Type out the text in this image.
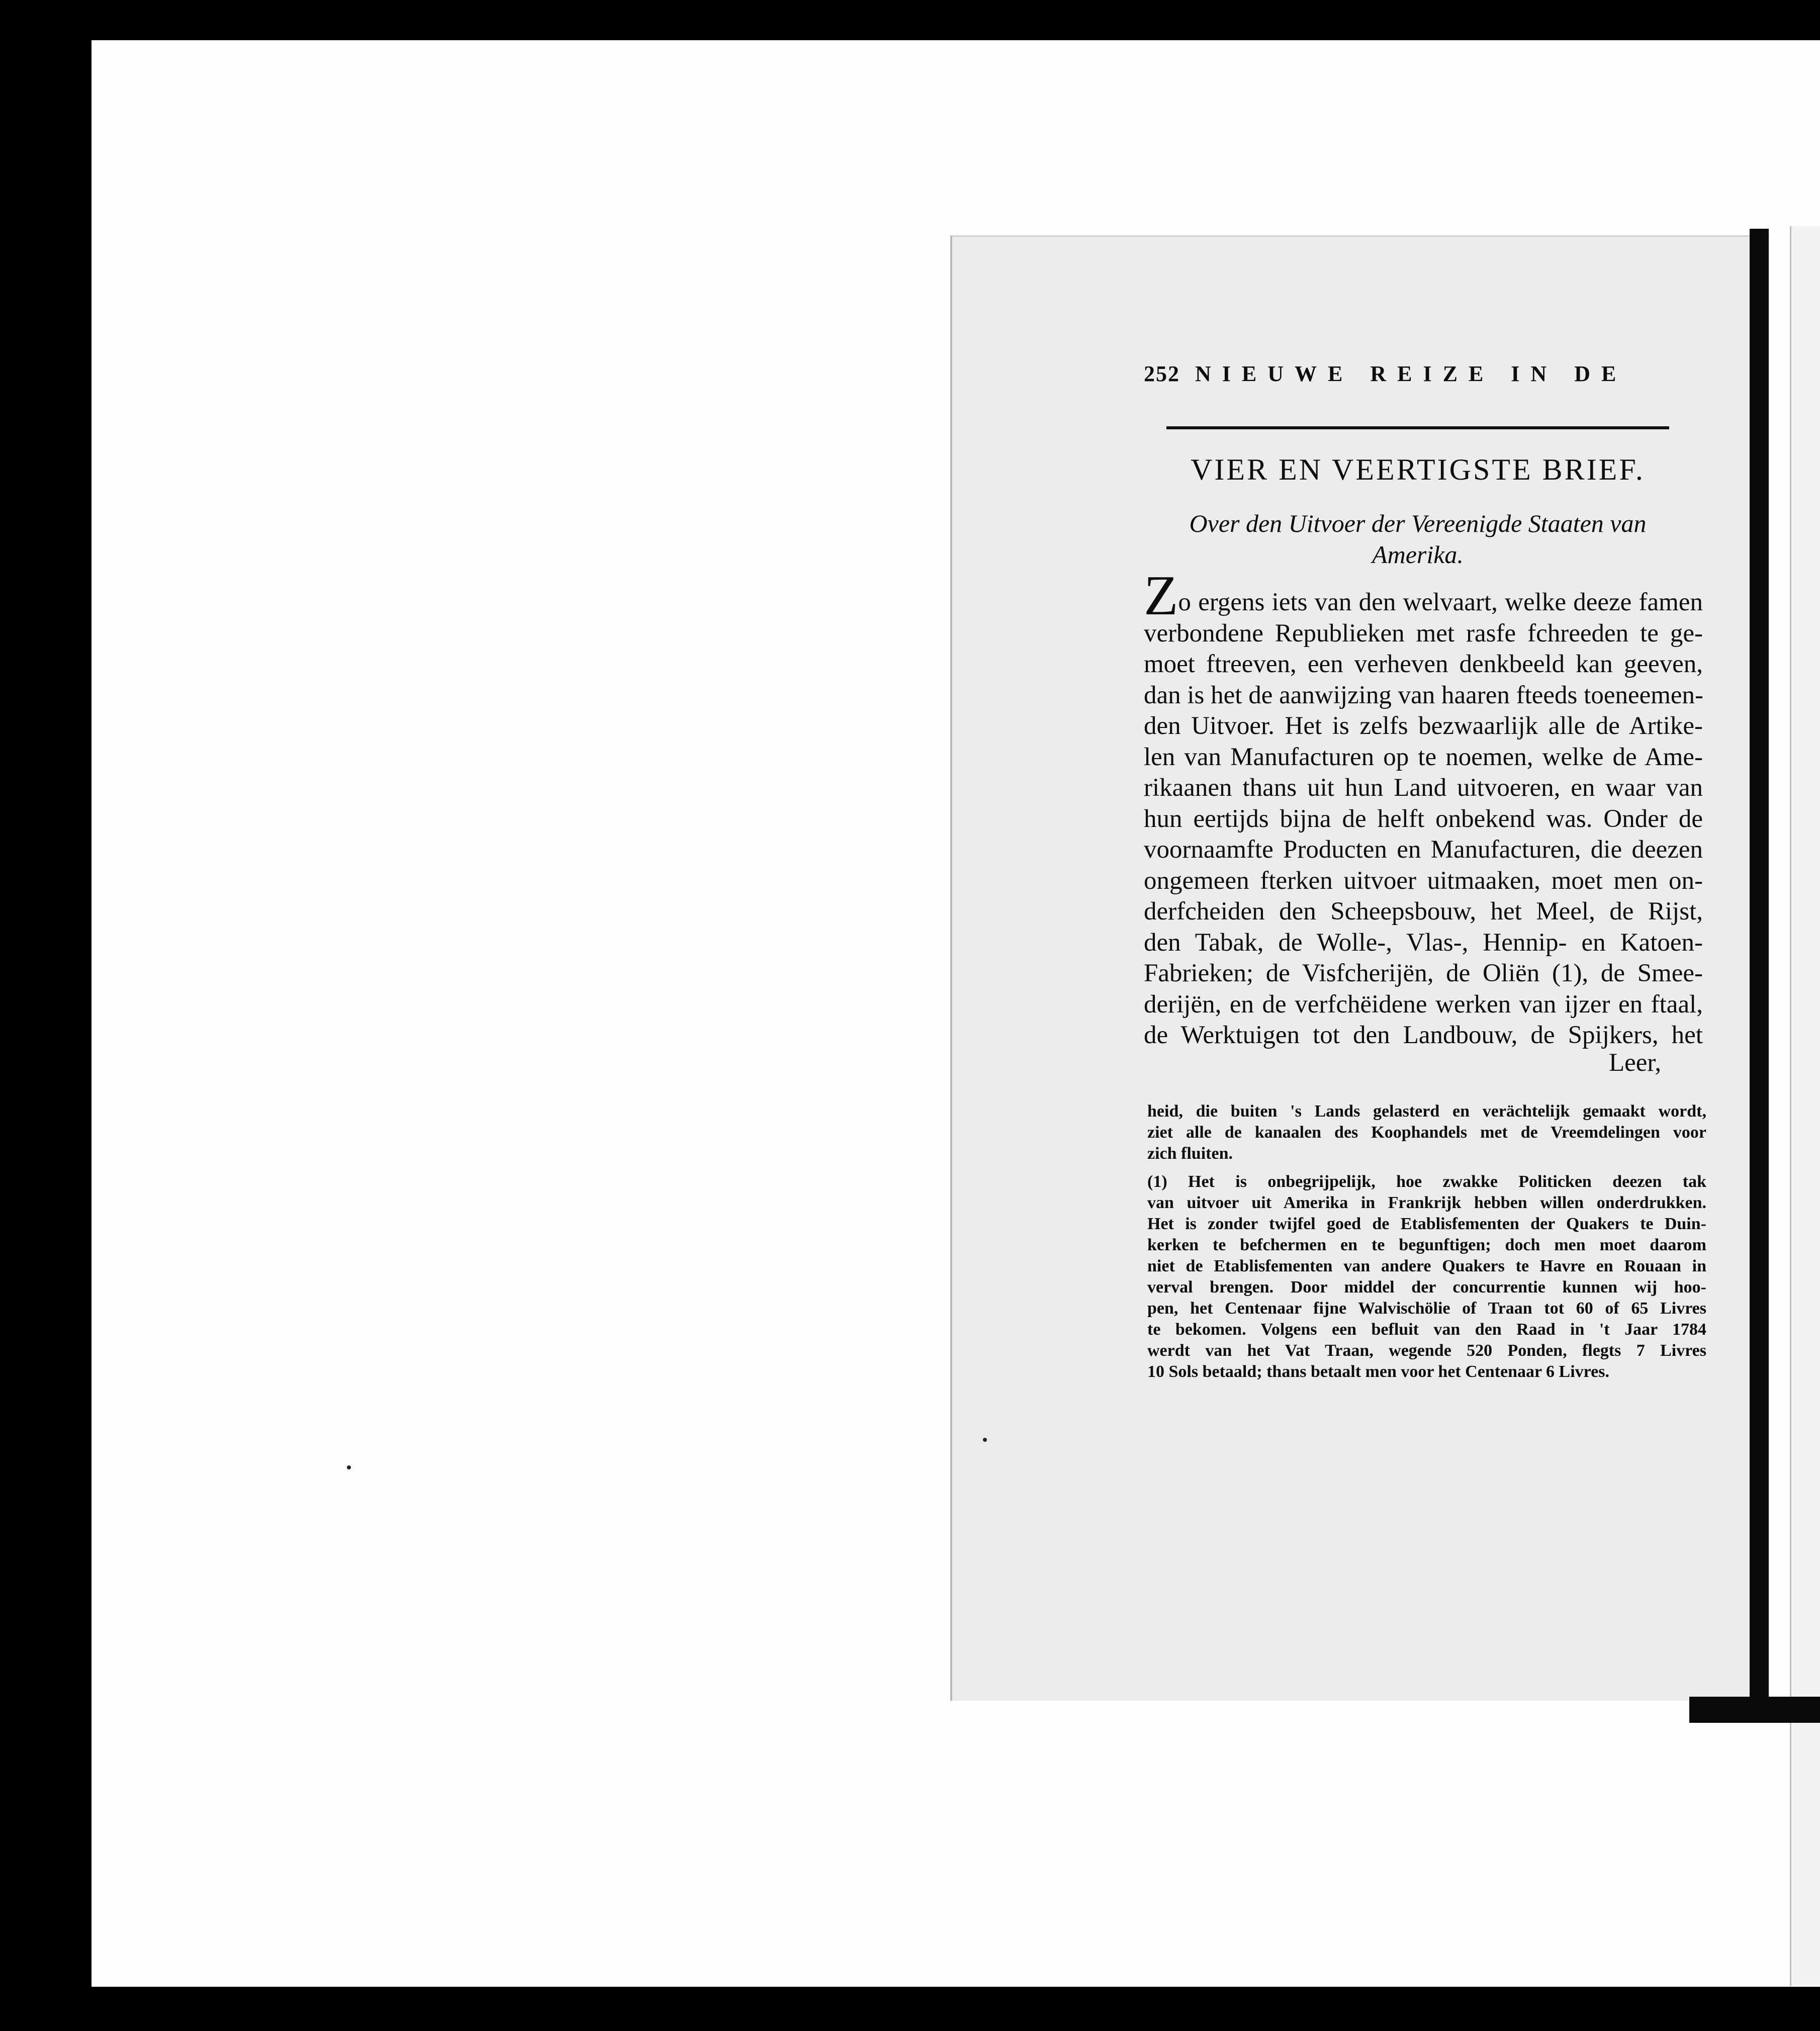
252 NIEUWE REIZE IN DE
VIER EN VEERTIGSTE BRIEF.
Over den Uitvoer der Vereenigde Staaten van
Amerika.
Zo ergens iets van den welvaart, welke deeze famen
verbondene Republieken met rasfe fchreeden te ge-
moet ftreeven, een verheven denkbeeld kan geeven,
dan is het de aanwijzing van haaren fteeds toeneemen-
den Uitvoer. Het is zelfs bezwaarlijk alle de Artike-
len van Manufacturen op te noemen, welke de Ame-
rikaanen thans uit hun Land uitvoeren, en waar van
hun eertijds bijna de helft onbekend was. Onder de
voornaamfte Producten en Manufacturen, die deezen
ongemeen fterken uitvoer uitmaaken, moet men on-
derfcheiden den Scheepsbouw, het Meel, de Rijst,
den Tabak, de Wolle-, Vlas-, Hennip- en Katoen-
Fabrieken; de Visfcherijën, de Oliën (1), de Smee-
derijën, en de verfchëidene werken van ijzer en ftaal,
de Werktuigen tot den Landbouw, de Spijkers, het
Leer,
heid, die buiten 's Lands gelasterd en verächtelijk gemaakt wordt,
ziet alle de kanaalen des Koophandels met de Vreemdelingen voor
zich fluiten.
(1) Het is onbegrijpelijk, hoe zwakke Politicken deezen tak
van uitvoer uit Amerika in Frankrijk hebben willen onderdrukken.
Het is zonder twijfel goed de Etablisfementen der Quakers te Duin-
kerken te befchermen en te begunftigen; doch men moet daarom
niet de Etablisfementen van andere Quakers te Havre en Rouaan in
verval brengen. Door middel der concurrentie kunnen wij hoo-
pen, het Centenaar fijne Walvischölie of Traan tot 60 of 65 Livres
te bekomen. Volgens een befluit van den Raad in 't Jaar 1784
werdt van het Vat Traan, wegende 520 Ponden, flegts 7 Livres
10 Sols betaald; thans betaalt men voor het Centenaar 6 Livres.
